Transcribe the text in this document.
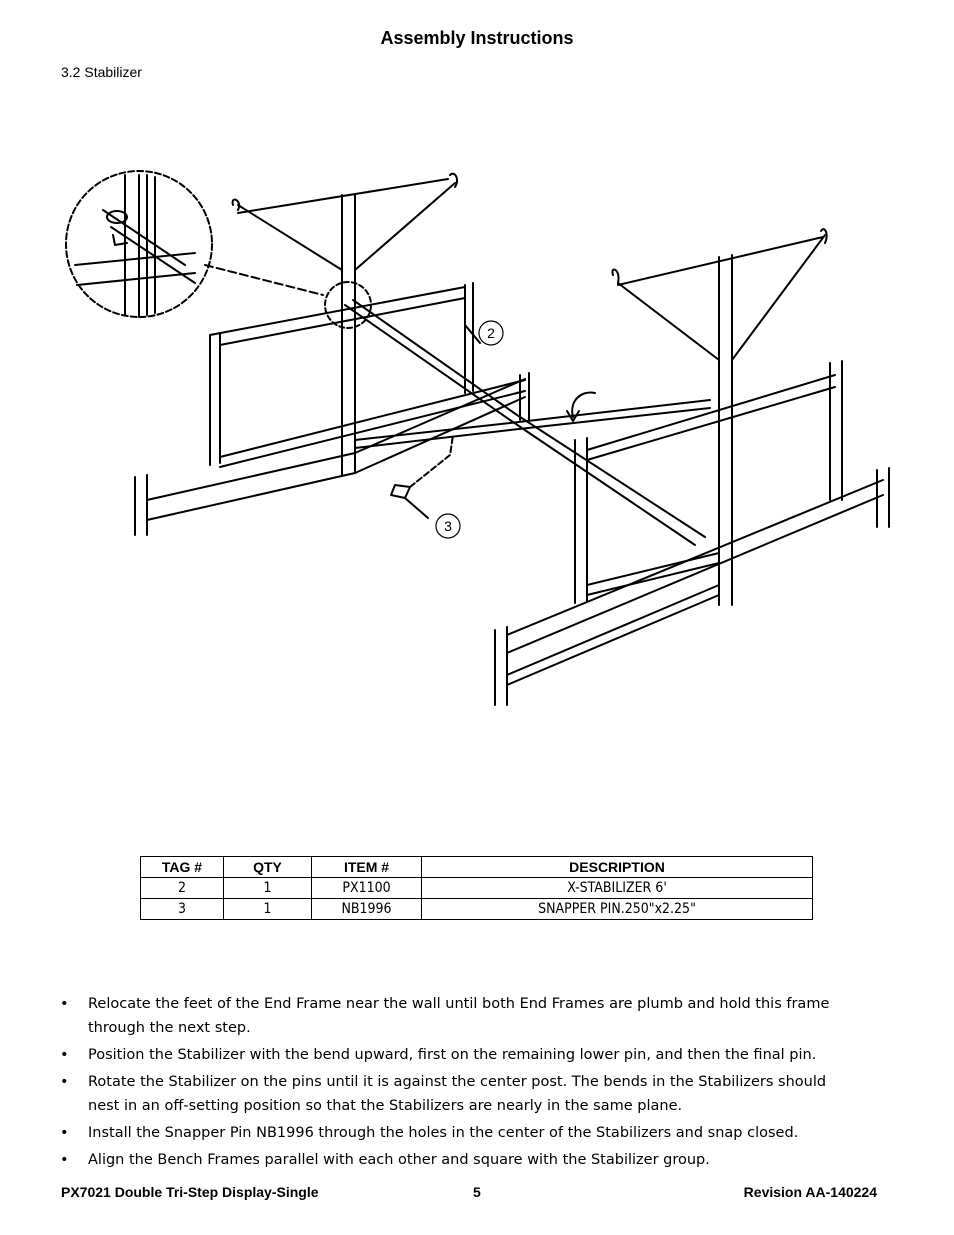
Assembly Instructions
3.2 Stabilizer
2
3
TAG #	QTY	ITEM #	DESCRIPTION
2	1	PX1100	X-STABILIZER 6'
3	1	NB1996	SNAPPER PIN.250"x2.25"
• Relocate the feet of the End Frame near the wall until both End Frames are plumb and hold this frame through the next step.
• Position the Stabilizer with the bend upward, first on the remaining lower pin, and then the final pin.
• Rotate the Stabilizer on the pins until it is against the center post. The bends in the Stabilizers should nest in an off-setting position so that the Stabilizers are nearly in the same plane.
• Install the Snapper Pin NB1996 through the holes in the center of the Stabilizers and snap closed.
• Align the Bench Frames parallel with each other and square with the Stabilizer group.
PX7021 Double Tri-Step Display-Single	5	Revision AA-140224
